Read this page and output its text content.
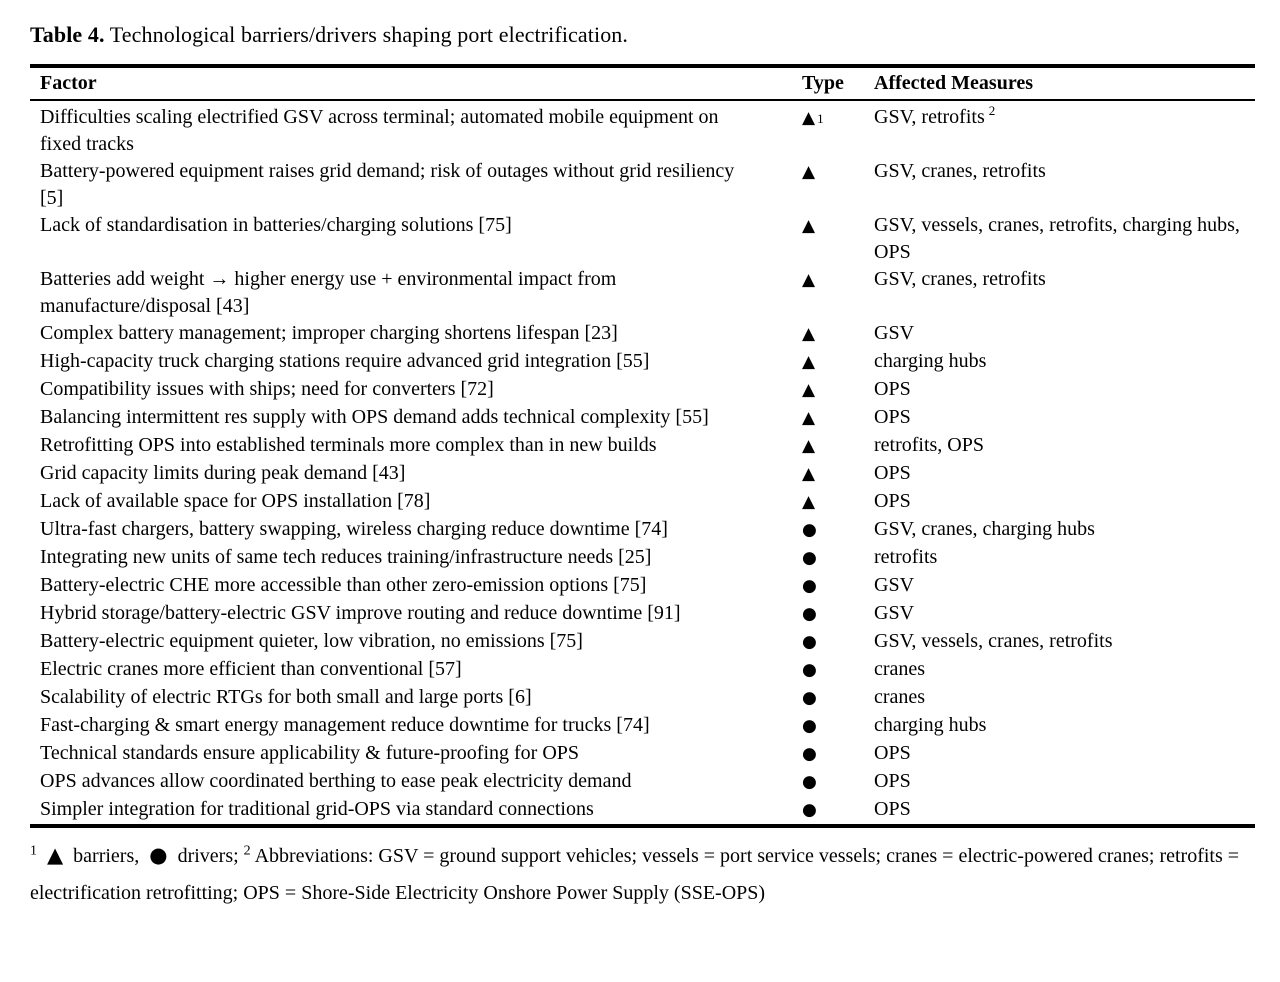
Table 4. Technological barriers/drivers shaping port electrification.

Factor	Type	Affected Measures
Difficulties scaling electrified GSV across terminal; automated mobile equipment on fixed tracks	▲ 1	GSV, retrofits $^2$
Battery-powered equipment raises grid demand; risk of outages without grid resiliency [5]	▲	GSV, cranes, retrofits
Lack of standardisation in batteries/charging solutions [75]	▲	GSV, vessels, cranes, retrofits, charging hubs, OPS
Batteries add weight → higher energy use + environmental impact from manufacture/disposal [43]	▲	GSV, cranes, retrofits
Complex battery management; improper charging shortens lifespan [23]	▲	GSV
High-capacity truck charging stations require advanced grid integration [55]	▲	charging hubs
Compatibility issues with ships; need for converters [72]	▲	OPS
Balancing intermittent res supply with OPS demand adds technical complexity [55]	▲	OPS
Retrofitting OPS into established terminals more complex than in new builds	▲	retrofits, OPS
Grid capacity limits during peak demand [43]	▲	OPS
Lack of available space for OPS installation [78]	▲	OPS
Ultra-fast chargers, battery swapping, wireless charging reduce downtime [74]	●	GSV, cranes, charging hubs
Integrating new units of same tech reduces training/infrastructure needs [25]	●	retrofits
Battery-electric CHE more accessible than other zero-emission options [75]	●	GSV
Hybrid storage/battery-electric GSV improve routing and reduce downtime [91]	●	GSV
Battery-electric equipment quieter, low vibration, no emissions [75]	●	GSV, vessels, cranes, retrofits
Electric cranes more efficient than conventional [57]	●	cranes
Scalability of electric RTGs for both small and large ports [6]	●	cranes
Fast-charging & smart energy management reduce downtime for trucks [74]	●	charging hubs
Technical standards ensure applicability & future-proofing for OPS	●	OPS
OPS advances allow coordinated berthing to ease peak electricity demand	●	OPS
Simpler integration for traditional grid-OPS via standard connections	●	OPS
$^1$ ▲ barriers, ● drivers; $^2$ Abbreviations: GSV = ground support vehicles; vessels = port service vessels; cranes = electric-powered cranes; retrofits = electrification retrofitting; OPS = Shore-Side Electricity Onshore Power Supply (SSE-OPS)
